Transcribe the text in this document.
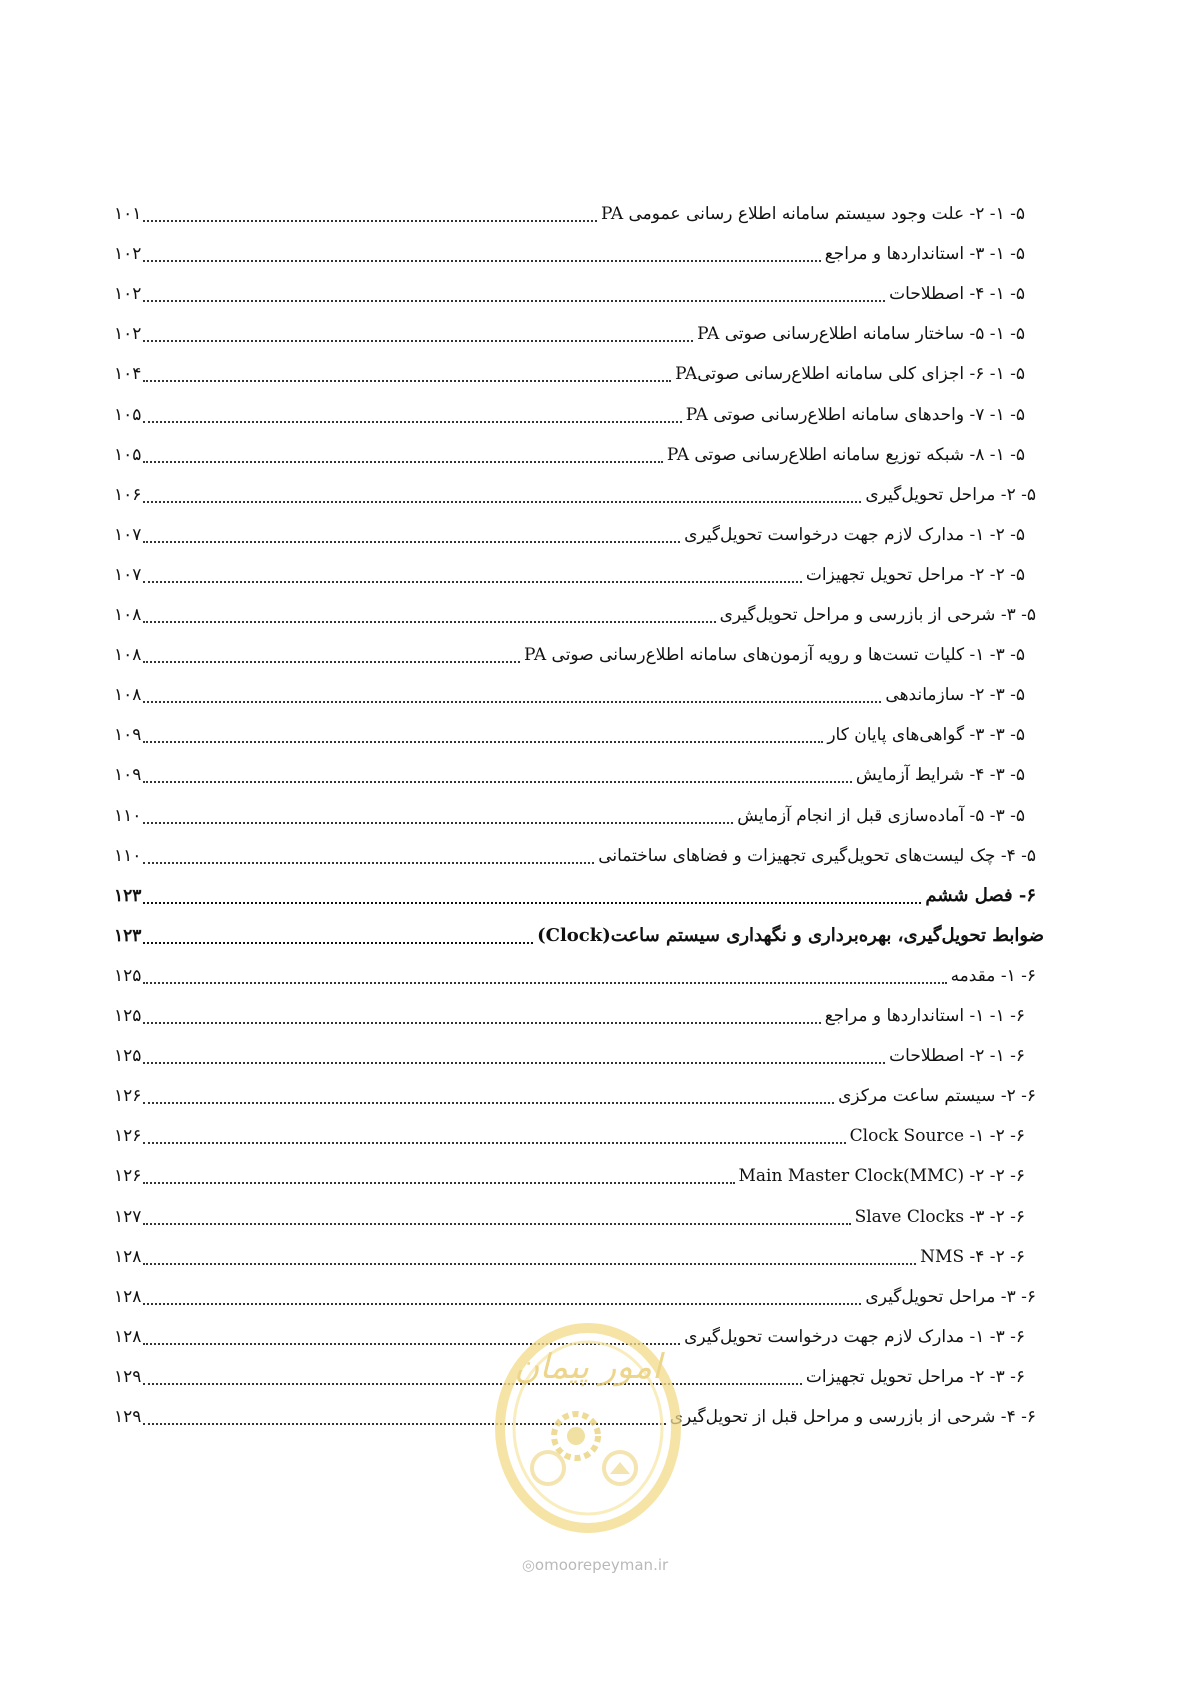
۵- ۱- ۲- علت وجود سیستم سامانه اطلاع رسانی عمومی PA
۱۰۱
۵- ۱- ۳- استانداردها و مراجع
۱۰۲
۵- ۱- ۴- اصطلاحات
۱۰۲
۵- ۱- ۵- ساختار سامانه اطلاع‌رسانی صوتی PA
۱۰۲
۵- ۱- ۶- اجزای کلی سامانه اطلاع‌رسانی صوتیPA
۱۰۴
۵- ۱- ۷- واحدهای سامانه اطلاع‌رسانی صوتی PA
۱۰۵
۵- ۱- ۸- شبکه توزیع سامانه اطلاع‌رسانی صوتی PA
۱۰۵
۵- ۲- مراحل تحویل‌گیری
۱۰۶
۵- ۲- ۱- مدارک لازم جهت درخواست تحویل‌گیری
۱۰۷
۵- ۲- ۲- مراحل تحویل تجهیزات
۱۰۷
۵- ۳- شرحی از بازرسی و مراحل تحویل‌گیری
۱۰۸
۵- ۳- ۱- کلیات تست‌ها و رویه آزمون‌های سامانه اطلاع‌رسانی صوتی PA
۱۰۸
۵- ۳- ۲- سازماندهی
۱۰۸
۵- ۳- ۳- گواهی‌های پایان کار
۱۰۹
۵- ۳- ۴- شرایط آزمایش
۱۰۹
۵- ۳- ۵- آماده‌سازی قبل از انجام آزمایش
۱۱۰
۵- ۴- چک لیست‌های تحویل‌گیری تجهیزات و فضاهای ساختمانی
۱۱۰
۶- فصل ششم
۱۲۳
ضوابط تحویل‌گیری، بهره‌برداری و نگهداری سیستم ساعت(Clock)
۱۲۳
۶- ۱- مقدمه
۱۲۵
۶- ۱- ۱- استانداردها و مراجع
۱۲۵
۶- ۱- ۲- اصطلاحات
۱۲۵
۶- ۲- سیستم ساعت مرکزی
۱۲۶
۶- ۲- ۱- Clock Source
۱۲۶
۶- ۲- ۲- Main Master Clock(MMC)
۱۲۶
۶- ۲- ۳- Slave Clocks
۱۲۷
۶- ۲- ۴- NMS
۱۲۸
۶- ۳- مراحل تحویل‌گیری
۱۲۸
۶- ۳- ۱- مدارک لازم جهت درخواست تحویل‌گیری
۱۲۸
۶- ۳- ۲- مراحل تحویل تجهیزات
۱۲۹
۶- ۴- شرحی از بازرسی و مراحل قبل از تحویل‌گیری
۱۲۹
امور پیمان
◎omoorepeyman.ir
